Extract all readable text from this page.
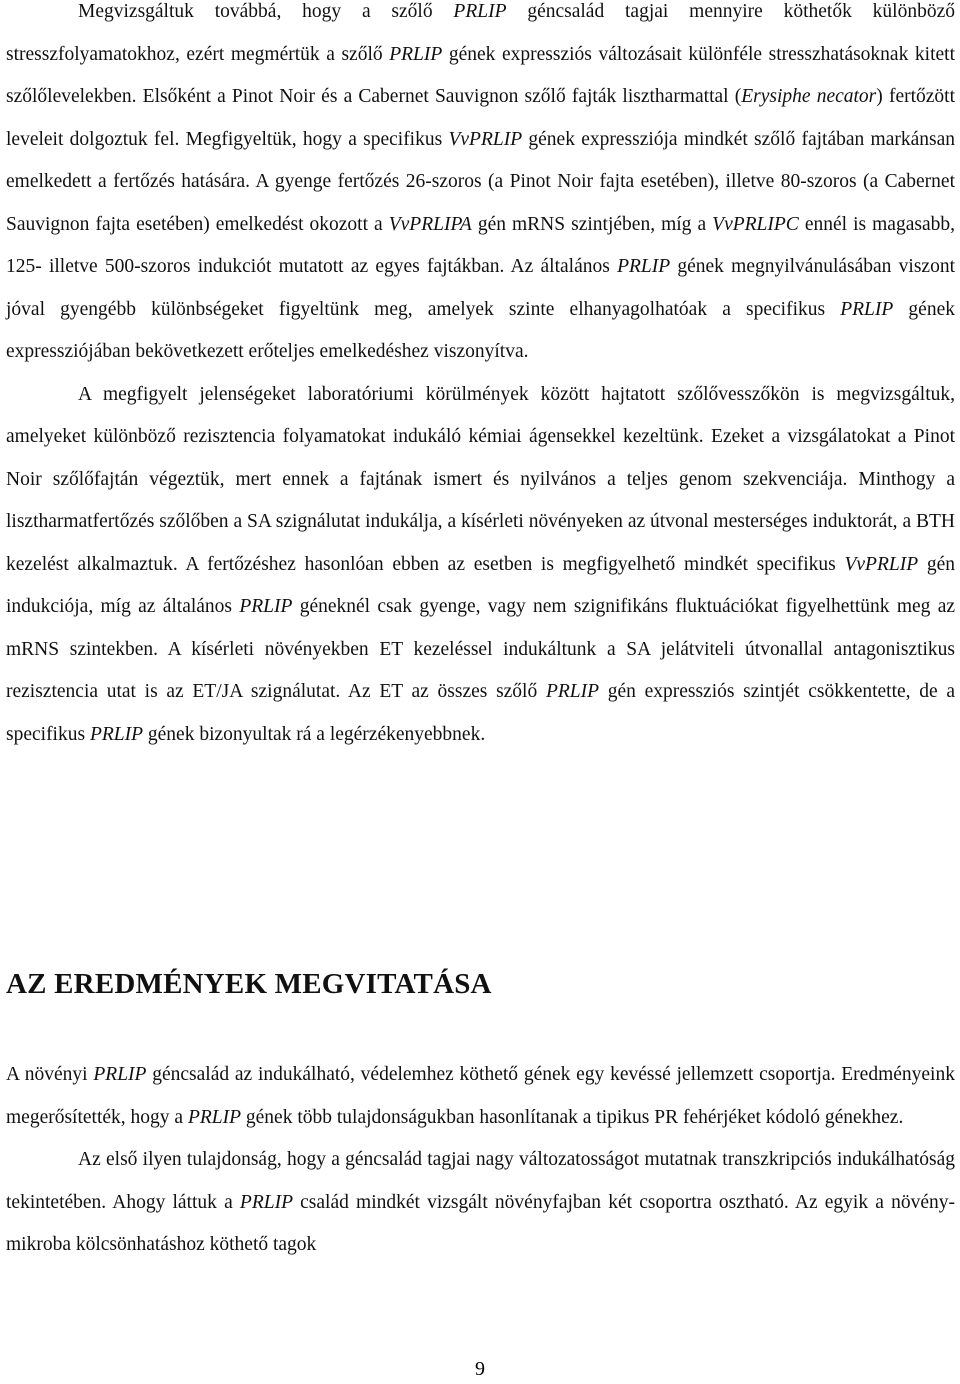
Megvizsgáltuk továbbá, hogy a szőlő PRLIP géncsalád tagjai mennyire köthetők különböző stresszfolyamatokhoz, ezért megmértük a szőlő PRLIP gének expressziós változásait különféle stresszhatásoknak kitett szőlőlevelekben. Elsőként a Pinot Noir és a Cabernet Sauvignon szőlő fajták lisztharmattal (Erysiphe necator) fertőzött leveleit dolgoztuk fel. Megfigyeltük, hogy a specifikus VvPRLIP gének expressziója mindkét szőlő fajtában markánsan emelkedett a fertőzés hatására. A gyenge fertőzés 26-szoros (a Pinot Noir fajta esetében), illetve 80-szoros (a Cabernet Sauvignon fajta esetében) emelkedést okozott a VvPRLIPA gén mRNS szintjében, míg a VvPRLIPC ennél is magasabb, 125- illetve 500-szoros indukciót mutatott az egyes fajtákban. Az általános PRLIP gének megnyilvánulásában viszont jóval gyengébb különbségeket figyeltünk meg, amelyek szinte elhanyagolhatóak a specifikus PRLIP gének expressziójában bekövetkezett erőteljes emelkedéshez viszonyítva.

A megfigyelt jelenségeket laboratóriumi körülmények között hajtatott szőlővesszőkön is megvizsgáltuk, amelyeket különböző rezisztencia folyamatokat indukáló kémiai ágensekkel kezeltünk. Ezeket a vizsgálatokat a Pinot Noir szőlőfajtán végeztük, mert ennek a fajtának ismert és nyilvános a teljes genom szekvenciája. Minthogy a lisztharmatfertőzés szőlőben a SA szignálutat indukálja, a kísérleti növényeken az útvonal mesterséges induktorát, a BTH kezelést alkalmaztuk. A fertőzéshez hasonlóan ebben az esetben is megfigyelhető mindkét specifikus VvPRLIP gén indukciója, míg az általános PRLIP géneknél csak gyenge, vagy nem szignifikáns fluktuációkat figyelhettünk meg az mRNS szintekben. A kísérleti növényekben ET kezeléssel indukáltunk a SA jelátviteli útvonallal antagonisztikus rezisztencia utat is az ET/JA szignálutat. Az ET az összes szőlő PRLIP gén expressziós szintjét csökkentette, de a specifikus PRLIP gének bizonyultak rá a legérzékenyebbnek.

AZ EREDMÉNYEK MEGVITATÁSA

A növényi PRLIP géncsalád az indukálható, védelemhez köthető gének egy kevéssé jellemzett csoportja. Eredményeink megerősítették, hogy a PRLIP gének több tulajdonságukban hasonlítanak a tipikus PR fehérjéket kódoló génekhez.

Az első ilyen tulajdonság, hogy a géncsalád tagjai nagy változatosságot mutatnak transzkripciós indukálhatóság tekintetében. Ahogy láttuk a PRLIP család mindkét vizsgált növényfajban két csoportra osztható. Az egyik a növény-mikroba kölcsönhatáshoz köthető tagok

9
